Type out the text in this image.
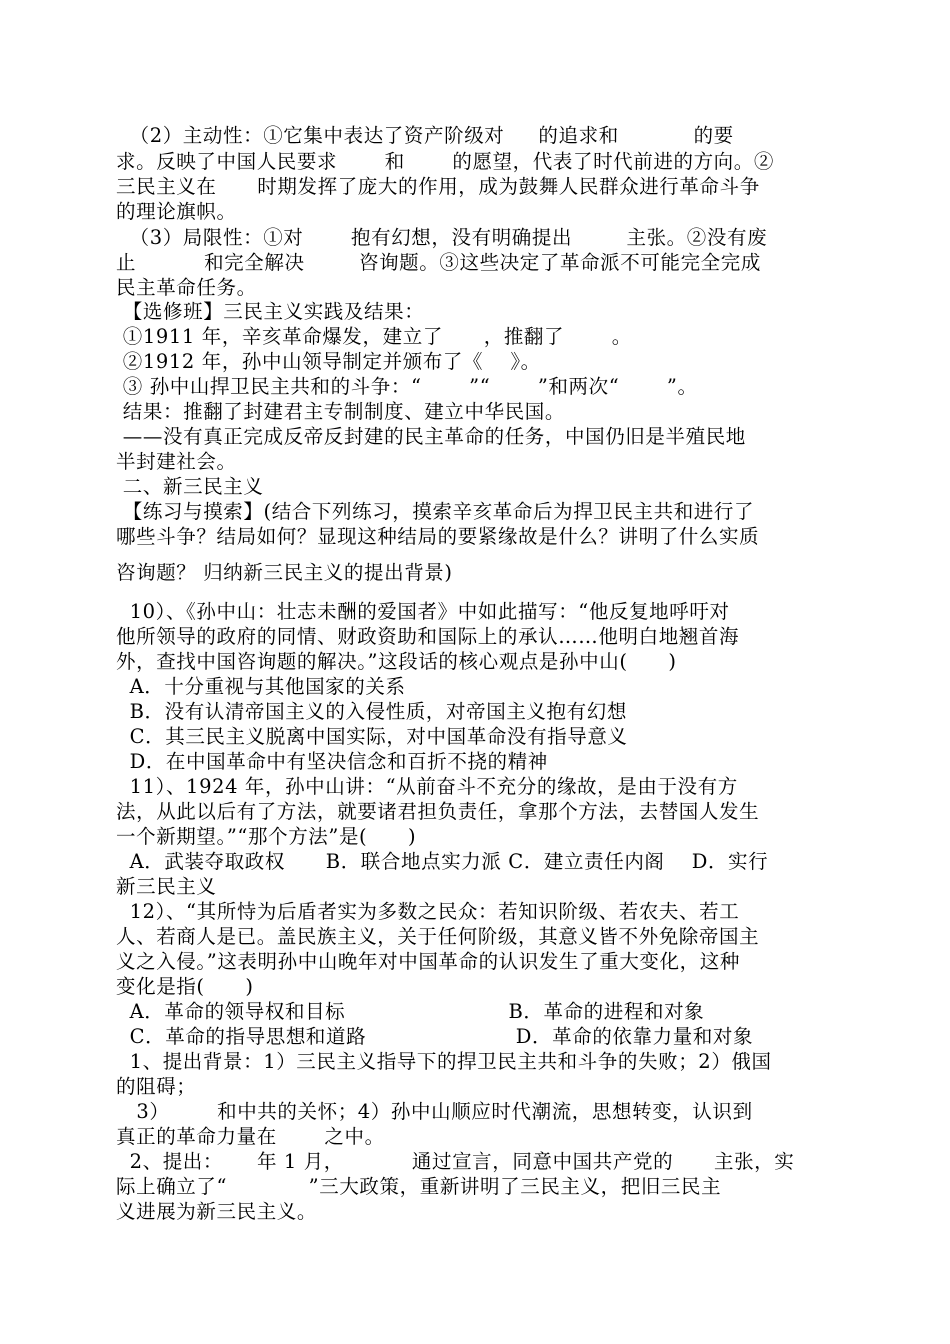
（2）主动性：①它集中表达了资产阶级对     的追求和           的要
求。反映了中国人民要求       和       的愿望，代表了时代前进的方向。②
三民主义在      时期发挥了庞大的作用，成为鼓舞人民群众进行革命斗争
的理论旗帜。
（3）局限性：①对       抱有幻想，没有明确提出        主张。②没有废
止          和完全解决        咨询题。③这些决定了革命派不可能完全完成
民主革命任务。
【选修班】三民主义实践及结果：
①1911 年，辛亥革命爆发，建立了      ，推翻了       。
②1912 年，孙中山领导制定并颁布了《    》。
③ 孙中山捍卫民主共和的斗争：“       ”“       ”和两次“       ”。
结果：推翻了封建君主专制制度、建立中华民国。
——没有真正完成反帝反封建的民主革命的任务，中国仍旧是半殖民地
半封建社会。
二、新三民主义
【练习与摸索】(结合下列练习，摸索辛亥革命后为捍卫民主共和进行了
哪些斗争？结局如何？显现这种结局的要紧缘故是什么？讲明了什么实质
咨询题？ 归纳新三民主义的提出背景)
10）、《孙中山：壮志未酬的爱国者》中如此描写：“他反复地呼吁对
他所领导的政府的同情、财政资助和国际上的承认……他明白地翘首海
外，查找中国咨询题的解决。”这段话的核心观点是孙中山(      )
A．十分重视与其他国家的关系
B．没有认清帝国主义的入侵性质，对帝国主义抱有幻想
C．其三民主义脱离中国实际，对中国革命没有指导意义
D．在中国革命中有坚决信念和百折不挠的精神
11）、1924 年，孙中山讲：“从前奋斗不充分的缘故，是由于没有方
法，从此以后有了方法，就要诸君担负责任，拿那个方法，去替国人发生
一个新期望。”“那个方法”是(      )
A．武装夺取政权      B．联合地点实力派 C．建立责任内阁    D．实行
新三民主义
12）、“其所恃为后盾者实为多数之民众：若知识阶级、若农夫、若工
人、若商人是已。盖民族主义，关于任何阶级，其意义皆不外免除帝国主
义之入侵。”这表明孙中山晚年对中国革命的认识发生了重大变化，这种
变化是指(      )
A．革命的领导权和目标                        B．革命的进程和对象
C．革命的指导思想和道路                      D．革命的依靠力量和对象
1、提出背景：1）三民主义指导下的捍卫民主共和斗争的失败；2）俄国
的阻碍；
3）       和中共的关怀；4）孙中山顺应时代潮流，思想转变，认识到
真正的革命力量在       之中。
2、提出：     年 1 月，          通过宣言，同意中国共产党的      主张，实
际上确立了“            ”三大政策，重新讲明了三民主义，把旧三民主
义进展为新三民主义。
